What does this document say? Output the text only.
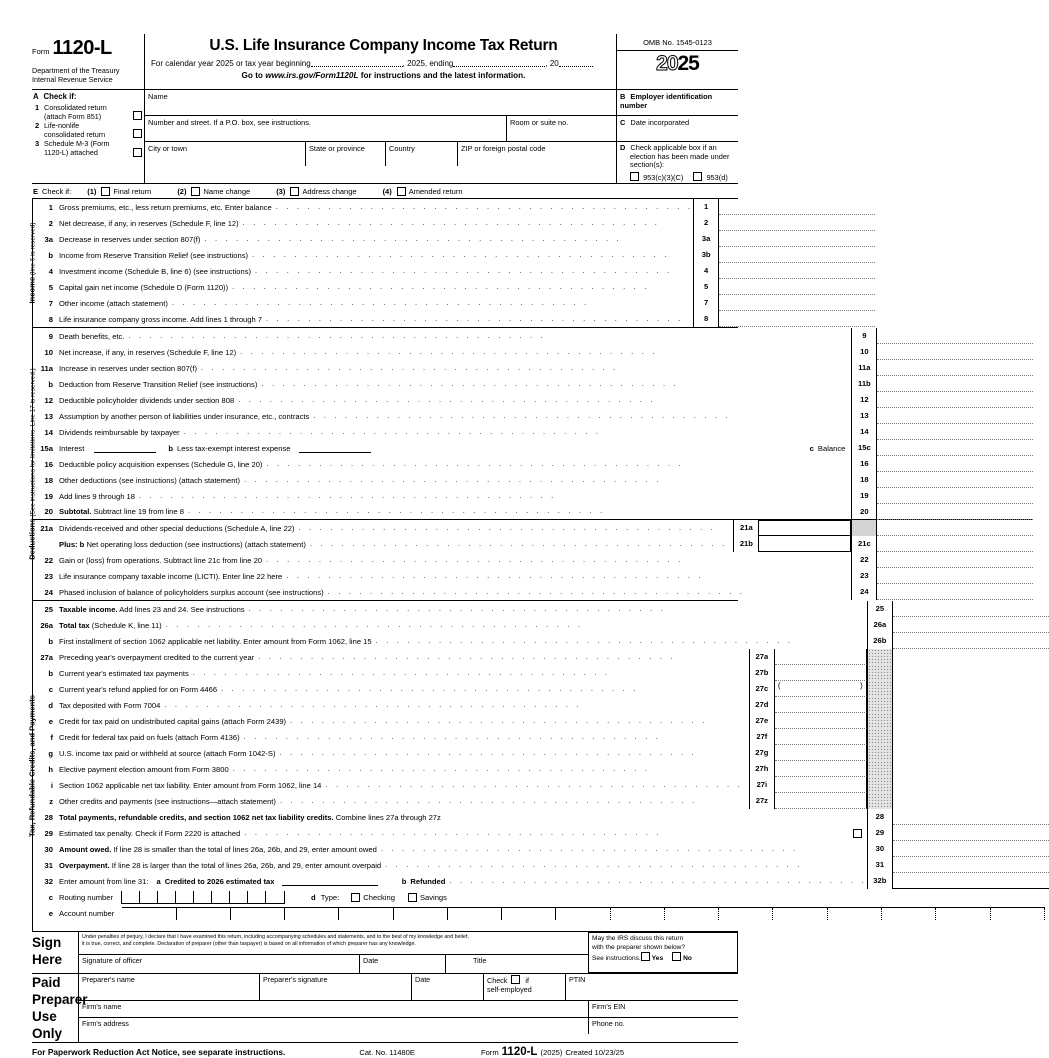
Form 1120-L
Department of the Treasury
Internal Revenue Service
U.S. Life Insurance Company Income Tax Return
For calendar year 2025 or tax year beginning	, 2025, ending	, 20
Go to www.irs.gov/Form1120L for instructions and the latest information.
OMB No. 1545-0123
2025
A Check if:
1 Consolidated return
(attach Form 851)
2 Life-nonlife
consolidated return
3 Schedule M-3 (Form
1120-L) attached
Name
Number and street. If a P.O. box, see instructions.	Room or suite no.
City or town	State or province	Country	ZIP or foreign postal code
B Employer identification number
C Date incorporated
D Check applicable box if an
election has been made under
section(s):
953(c)(3)(C)	953(d)
E Check if: (1) Final return	(2) Name change	(3) Address change	(4) Amended return
Income (line 6 is reserved)
1 Gross premiums, etc., less return premiums, etc. Enter balance . . . . . . . . . . . . . . . . . . . . . . . . . . . . . . . . . . . . . . . .	1
2 Net decrease, if any, in reserves (Schedule F, line 12) . . . . . . . . . . . . . . . . . . . . . . . . . . . . . . . . . . . . . . . .	2
3a Decrease in reserves under section 807(f) . . . . . . . . . . . . . . . . . . . . . . . . . . . . . . . . . . . . . . . .	3a
b Income from Reserve Transition Relief (see instructions) . . . . . . . . . . . . . . . . . . . . . . . . . . . . . . . . . . . . . . . .	3b
4 Investment income (Schedule B, line 6) (see instructions) . . . . . . . . . . . . . . . . . . . . . . . . . . . . . . . . . . . . . . . .	4
5 Capital gain net income (Schedule D (Form 1120)) . . . . . . . . . . . . . . . . . . . . . . . . . . . . . . . . . . . . . . . .	5
7 Other income (attach statement) . . . . . . . . . . . . . . . . . . . . . . . . . . . . . . . . . . . . . . . .	7
8 Life insurance company gross income. Add lines 1 through 7 . . . . . . . . . . . . . . . . . . . . . . . . . . . . . . . . . . . . . . . .	8
Deductions (See instructions for limitations. Line 17 is reserved.)
9 Death benefits, etc. . . . . . . . . . . . . . . . . . . . . . . . . . . . . . . . . . . . . . . . .	9
10 Net increase, if any, in reserves (Schedule F, line 12) . . . . . . . . . . . . . . . . . . . . . . . . . . . . . . . . . . . . . . . .	10
11a Increase in reserves under section 807(f) . . . . . . . . . . . . . . . . . . . . . . . . . . . . . . . . . . . . . . . .	11a
b Deduction from Reserve Transition Relief (see instructions) . . . . . . . . . . . . . . . . . . . . . . . . . . . . . . . . . . . . . . . .	11b
12 Deductible policyholder dividends under section 808 . . . . . . . . . . . . . . . . . . . . . . . . . . . . . . . . . . . . . . . .	12
13 Assumption by another person of liabilities under insurance, etc., contracts . . . . . . . . . . . . . . . . . . . . . . . . . . . . . . . . . . . . . . . .	13
14 Dividends reimbursable by taxpayer . . . . . . . . . . . . . . . . . . . . . . . . . . . . . . . . . . . . . . . .	14
15a Interest	b Less tax-exempt interest expense	c Balance	15c
16 Deductible policy acquisition expenses (Schedule G, line 20) . . . . . . . . . . . . . . . . . . . . . . . . . . . . . . . . . . . . . . . .	16
18 Other deductions (see instructions) (attach statement) . . . . . . . . . . . . . . . . . . . . . . . . . . . . . . . . . . . . . . . .	18
19 Add lines 9 through 18 . . . . . . . . . . . . . . . . . . . . . . . . . . . . . . . . . . . . . . . .	19
20 Subtotal. Subtract line 19 from line 8 . . . . . . . . . . . . . . . . . . . . . . . . . . . . . . . . . . . . . . . .	20
21a Dividends-received and other special deductions (Schedule A, line 22) . . . . . . . . . . . . . . . . . . . . . . . . . . . . . . . . . . . . . . . .	21a
Plus: b Net operating loss deduction (see instructions) (attach statement) . . . . . . . . . . . . . . . . . . . . . . . . . . . . . . . . . . . . . . . .	21b	21c
22 Gain or (loss) from operations. Subtract line 21c from line 20 . . . . . . . . . . . . . . . . . . . . . . . . . . . . . . . . . . . . . . . .	22
23 Life insurance company taxable income (LICTI). Enter line 22 here . . . . . . . . . . . . . . . . . . . . . . . . . . . . . . . . . . . . . . . .	23
24 Phased inclusion of balance of policyholders surplus account (see instructions) . . . . . . . . . . . . . . . . . . . . . . . . . . . . . . . . . . . . . . . .	24
Tax, Refundable Credits, and Payments
25 Taxable income. Add lines 23 and 24. See instructions . . . . . . . . . . . . . . . . . . . . . . . . . . . . . . . . . . . . . . . .	25
26a Total tax (Schedule K, line 11) . . . . . . . . . . . . . . . . . . . . . . . . . . . . . . . . . . . . . . . .	26a
b First installment of section 1062 applicable net liability. Enter amount from Form 1062, line 15 . . . . . . . . . . . . . . . . . . . . . . . . . . . . . . . . . . . . . . . .	26b
27a Preceding year's overpayment credited to the current year . . . . . . . . . . . . . . . . . . . . . . . . . . . . . . . . . . . . . . . .	27a
b Current year's estimated tax payments . . . . . . . . . . . . . . . . . . . . . . . . . . . . . . . . . . . . . . . .	27b
c Current year's refund applied for on Form 4466 . . . . . . . . . . . . . . . . . . . . . . . . . . . . . . . . . . . . . . . .	27c	(	)
d Tax deposited with Form 7004 . . . . . . . . . . . . . . . . . . . . . . . . . . . . . . . . . . . . . . . .	27d
e Credit for tax paid on undistributed capital gains (attach Form 2439) . . . . . . . . . . . . . . . . . . . . . . . . . . . . . . . . . . . . . . . .	27e
f Credit for federal tax paid on fuels (attach Form 4136) . . . . . . . . . . . . . . . . . . . . . . . . . . . . . . . . . . . . . . . .	27f
g U.S. income tax paid or withheld at source (attach Form 1042-S) . . . . . . . . . . . . . . . . . . . . . . . . . . . . . . . . . . . . . . . .	27g
h Elective payment election amount from Form 3800 . . . . . . . . . . . . . . . . . . . . . . . . . . . . . . . . . . . . . . . .	27h
i Section 1062 applicable net tax liability. Enter amount from Form 1062, line 14 . . . . . . . . . . . . . . . . . . . . . . . . . . . . . . . . . . . . . . . .	27i
z Other credits and payments (see instructions—attach statement) . . . . . . . . . . . . . . . . . . . . . . . . . . . . . . . . . . . . . . . .	27z
28 Total payments, refundable credits, and section 1062 net tax liability credits. Combine lines 27a through 27z	28
29 Estimated tax penalty. Check if Form 2220 is attached . . . . . . . . . . . . . . . . . . . . . . . . . . . . . . . . . . . . . . . .	29
30 Amount owed. If line 28 is smaller than the total of lines 26a, 26b, and 29, enter amount owed . . . . . . . . . . . . . . . . . . . . . . . . . . . . . . . . . . . . . . . .	30
31 Overpayment. If line 28 is larger than the total of lines 26a, 26b, and 29, enter amount overpaid . . . . . . . . . . . . . . . . . . . . . . . . . . . . . . . . . . . . . . . .	31
32 Enter amount from line 31: a Credited to 2026 estimated tax	b Refunded . . . . . . . . . . . . . . . . . . . . . . . . . . . . . . . . . . . . . . . . 32b
c Routing number	d Type:	Checking	Savings
e Account number
Sign
Here
Under penalties of perjury, I declare that I have examined this return, including accompanying schedules and statements, and to the best of my knowledge and belief,
it is true, correct, and complete. Declaration of preparer (other than taxpayer) is based on all information of which preparer has any knowledge.
Signature of officer	Date	Title
May the IRS discuss this return
with the preparer shown below?
See instructions. Yes	No
Paid
Preparer
Use Only
Preparer's name	Preparer's signature	Date	Check	if
self-employed
PTIN
Firm's name	Firm's EIN
Firm's address	Phone no.
For Paperwork Reduction Act Notice, see separate instructions.	Cat. No. 11480E	Form 1120-L (2025) Created 10/23/25
